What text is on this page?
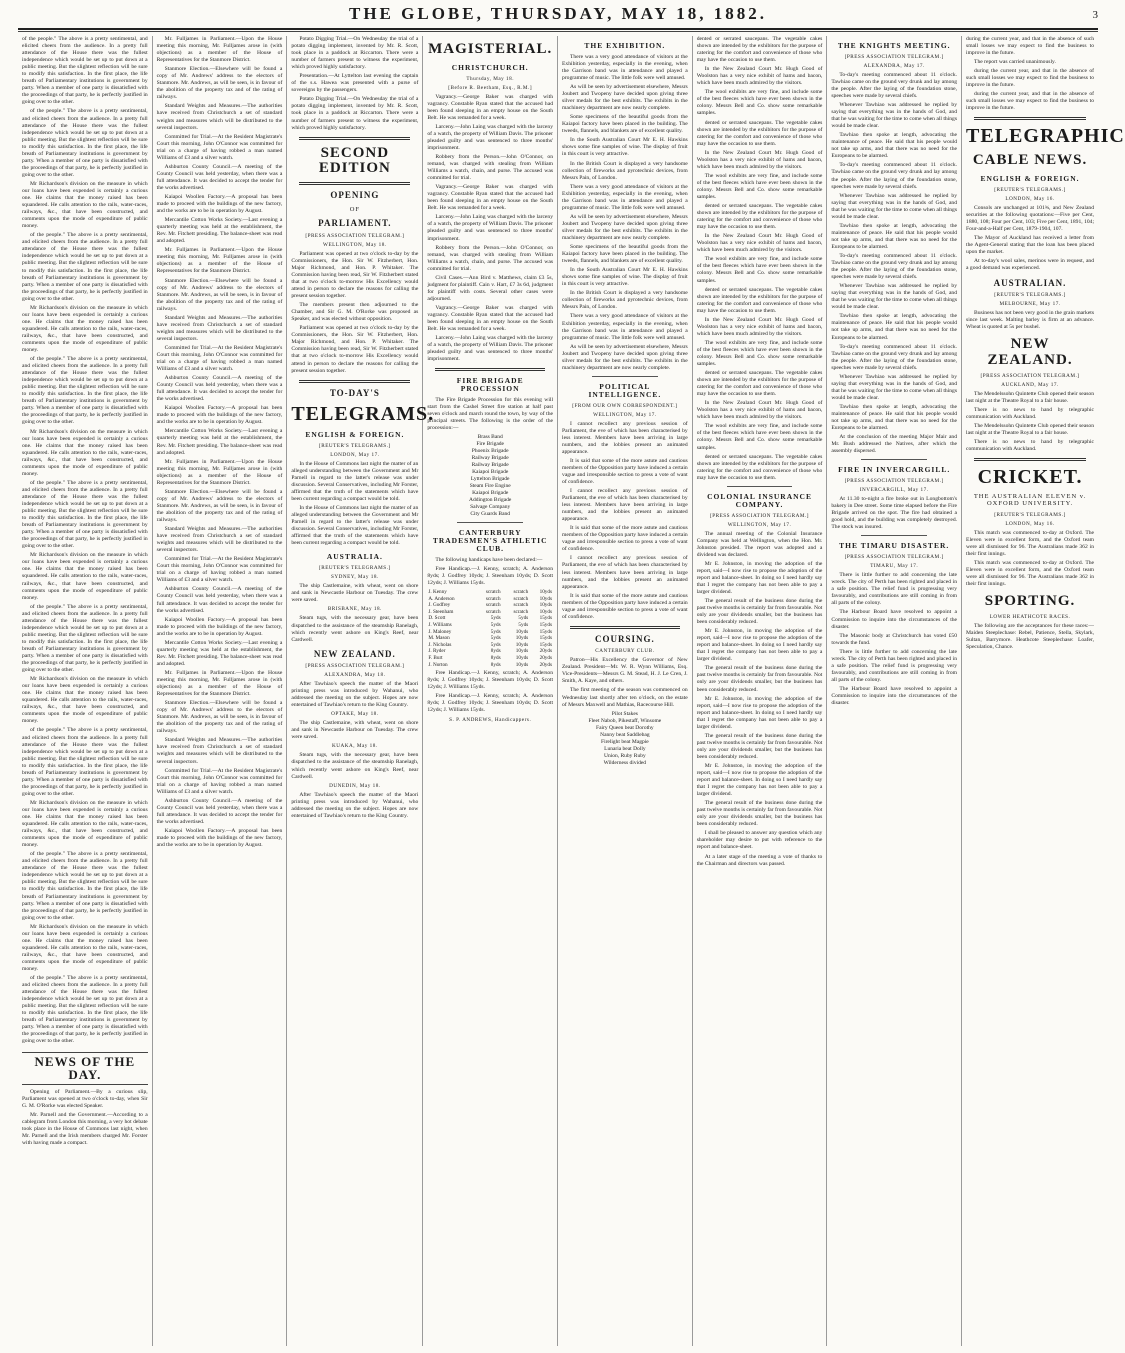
THE GLOBE, THURSDAY, MAY 18, 1882.	3

of the people." The above is a pretty sentimental, and elicited cheers from the audience. In a pretty full attendance of the House there was the fullest independence which would be set up to put down at a public meeting. But the slightest reflection will be sure to modify this satisfaction. In the first place, the life breath of Parliamentary institutions is government by party. When a member of one party is dissatisfied with the proceedings of that party, he is perfectly justified in going over to the other.

of the people." The above is a pretty sentimental, and elicited cheers from the audience. In a pretty full attendance of the House there was the fullest independence which would be set up to put down at a public meeting. But the slightest reflection will be sure to modify this satisfaction. In the first place, the life breath of Parliamentary institutions is government by party. When a member of one party is dissatisfied with the proceedings of that party, he is perfectly justified in going over to the other.

Mr Richardson's division on the measure in which our loans have been expended is certainly a curious one. He claims that the money raised has been squandered. He calls attention to the rails, water-races, railways, &c., that have been constructed, and comments upon the mode of expenditure of public money.

of the people." The above is a pretty sentimental, and elicited cheers from the audience. In a pretty full attendance of the House there was the fullest independence which would be set up to put down at a public meeting. But the slightest reflection will be sure to modify this satisfaction. In the first place, the life breath of Parliamentary institutions is government by party. When a member of one party is dissatisfied with the proceedings of that party, he is perfectly justified in going over to the other.

Mr Richardson's division on the measure in which our loans have been expended is certainly a curious one. He claims that the money raised has been squandered. He calls attention to the rails, water-races, railways, &c., that have been constructed, and comments upon the mode of expenditure of public money.

of the people." The above is a pretty sentimental, and elicited cheers from the audience. In a pretty full attendance of the House there was the fullest independence which would be set up to put down at a public meeting. But the slightest reflection will be sure to modify this satisfaction. In the first place, the life breath of Parliamentary institutions is government by party. When a member of one party is dissatisfied with the proceedings of that party, he is perfectly justified in going over to the other.

Mr Richardson's division on the measure in which our loans have been expended is certainly a curious one. He claims that the money raised has been squandered. He calls attention to the rails, water-races, railways, &c., that have been constructed, and comments upon the mode of expenditure of public money.

of the people." The above is a pretty sentimental, and elicited cheers from the audience. In a pretty full attendance of the House there was the fullest independence which would be set up to put down at a public meeting. But the slightest reflection will be sure to modify this satisfaction. In the first place, the life breath of Parliamentary institutions is government by party. When a member of one party is dissatisfied with the proceedings of that party, he is perfectly justified in going over to the other.

Mr Richardson's division on the measure in which our loans have been expended is certainly a curious one. He claims that the money raised has been squandered. He calls attention to the rails, water-races, railways, &c., that have been constructed, and comments upon the mode of expenditure of public money.

of the people." The above is a pretty sentimental, and elicited cheers from the audience. In a pretty full attendance of the House there was the fullest independence which would be set up to put down at a public meeting. But the slightest reflection will be sure to modify this satisfaction. In the first place, the life breath of Parliamentary institutions is government by party. When a member of one party is dissatisfied with the proceedings of that party, he is perfectly justified in going over to the other.

Mr Richardson's division on the measure in which our loans have been expended is certainly a curious one. He claims that the money raised has been squandered. He calls attention to the rails, water-races, railways, &c., that have been constructed, and comments upon the mode of expenditure of public money.

of the people." The above is a pretty sentimental, and elicited cheers from the audience. In a pretty full attendance of the House there was the fullest independence which would be set up to put down at a public meeting. But the slightest reflection will be sure to modify this satisfaction. In the first place, the life breath of Parliamentary institutions is government by party. When a member of one party is dissatisfied with the proceedings of that party, he is perfectly justified in going over to the other.

Mr Richardson's division on the measure in which our loans have been expended is certainly a curious one. He claims that the money raised has been squandered. He calls attention to the rails, water-races, railways, &c., that have been constructed, and comments upon the mode of expenditure of public money.

of the people." The above is a pretty sentimental, and elicited cheers from the audience. In a pretty full attendance of the House there was the fullest independence which would be set up to put down at a public meeting. But the slightest reflection will be sure to modify this satisfaction. In the first place, the life breath of Parliamentary institutions is government by party. When a member of one party is dissatisfied with the proceedings of that party, he is perfectly justified in going over to the other.

Mr Richardson's division on the measure in which our loans have been expended is certainly a curious one. He claims that the money raised has been squandered. He calls attention to the rails, water-races, railways, &c., that have been constructed, and comments upon the mode of expenditure of public money.

of the people." The above is a pretty sentimental, and elicited cheers from the audience. In a pretty full attendance of the House there was the fullest independence which would be set up to put down at a public meeting. But the slightest reflection will be sure to modify this satisfaction. In the first place, the life breath of Parliamentary institutions is government by party. When a member of one party is dissatisfied with the proceedings of that party, he is perfectly justified in going over to the other.

NEWS OF THE DAY.

Opening of Parliament.—By a curious slip, Parliament was opened at two o'clock to-day, when Sir G. M. O'Rorke was elected Speaker.

Mr. Parnell and the Government.—According to a cablegram from London this morning, a very hot debate took place in the House of Commons last night, when Mr. Parnell and the Irish members charged Mr. Forster with having made a compact.

Mr. Fulljames in Parliament.—Upon the House meeting this morning, Mr. Fulljames arose in (with objections) as a member of the House of Representatives for the Stanmore District.

Stanmore Election.—Elsewhere will be found a copy of Mr. Andrews' address to the electors of Stanmore. Mr. Andrews, as will be seen, is in favour of the abolition of the property tax and of the rating of railways.

Standard Weights and Measures.—The authorities have received from Christchurch a set of standard weights and measures which will be distributed to the several inspectors.

Committed for Trial.—At the Resident Magistrate's Court this morning, John O'Connor was committed for trial on a charge of having robbed a man named Williams of £3 and a silver watch.

Ashburton County Council.—A meeting of the County Council was held yesterday, when there was a full attendance. It was decided to accept the tender for the works advertised.

Kaiapoi Woollen Factory.—A proposal has been made to proceed with the buildings of the new factory, and the works are to be in operation by August.

Mercantile Cotton Works Society.—Last evening a quarterly meeting was held at the establishment, the Rev. Mr. Fitchett presiding. The balance-sheet was read and adopted.

Mr. Fulljames in Parliament.—Upon the House meeting this morning, Mr. Fulljames arose in (with objections) as a member of the House of Representatives for the Stanmore District.

Stanmore Election.—Elsewhere will be found a copy of Mr. Andrews' address to the electors of Stanmore. Mr. Andrews, as will be seen, is in favour of the abolition of the property tax and of the rating of railways.

Standard Weights and Measures.—The authorities have received from Christchurch a set of standard weights and measures which will be distributed to the several inspectors.

Committed for Trial.—At the Resident Magistrate's Court this morning, John O'Connor was committed for trial on a charge of having robbed a man named Williams of £3 and a silver watch.

Ashburton County Council.—A meeting of the County Council was held yesterday, when there was a full attendance. It was decided to accept the tender for the works advertised.

Kaiapoi Woollen Factory.—A proposal has been made to proceed with the buildings of the new factory, and the works are to be in operation by August.

Mercantile Cotton Works Society.—Last evening a quarterly meeting was held at the establishment, the Rev. Mr. Fitchett presiding. The balance-sheet was read and adopted.

Mr. Fulljames in Parliament.—Upon the House meeting this morning, Mr. Fulljames arose in (with objections) as a member of the House of Representatives for the Stanmore District.

Stanmore Election.—Elsewhere will be found a copy of Mr. Andrews' address to the electors of Stanmore. Mr. Andrews, as will be seen, is in favour of the abolition of the property tax and of the rating of railways.

Standard Weights and Measures.—The authorities have received from Christchurch a set of standard weights and measures which will be distributed to the several inspectors.

Committed for Trial.—At the Resident Magistrate's Court this morning, John O'Connor was committed for trial on a charge of having robbed a man named Williams of £3 and a silver watch.

Ashburton County Council.—A meeting of the County Council was held yesterday, when there was a full attendance. It was decided to accept the tender for the works advertised.

Kaiapoi Woollen Factory.—A proposal has been made to proceed with the buildings of the new factory, and the works are to be in operation by August.

Mercantile Cotton Works Society.—Last evening a quarterly meeting was held at the establishment, the Rev. Mr. Fitchett presiding. The balance-sheet was read and adopted.

Mr. Fulljames in Parliament.—Upon the House meeting this morning, Mr. Fulljames arose in (with objections) as a member of the House of Representatives for the Stanmore District.

Stanmore Election.—Elsewhere will be found a copy of Mr. Andrews' address to the electors of Stanmore. Mr. Andrews, as will be seen, is in favour of the abolition of the property tax and of the rating of railways.

Standard Weights and Measures.—The authorities have received from Christchurch a set of standard weights and measures which will be distributed to the several inspectors.

Committed for Trial.—At the Resident Magistrate's Court this morning, John O'Connor was committed for trial on a charge of having robbed a man named Williams of £3 and a silver watch.

Ashburton County Council.—A meeting of the County Council was held yesterday, when there was a full attendance. It was decided to accept the tender for the works advertised.

Kaiapoi Woollen Factory.—A proposal has been made to proceed with the buildings of the new factory, and the works are to be in operation by August.

Potato Digging Trial.—On Wednesday the trial of a potato digging implement, invented by Mr. R. Scott, took place in a paddock at Riccarton. There were a number of farmers present to witness the experiment, which proved highly satisfactory.

Presentation.—At Lyttelton last evening the captain of the s.s. Hawea was presented with a purse of sovereigns by the passengers.

Potato Digging Trial.—On Wednesday the trial of a potato digging implement, invented by Mr. R. Scott, took place in a paddock at Riccarton. There were a number of farmers present to witness the experiment, which proved highly satisfactory.

SECOND EDITION
OPENING
OF
PARLIAMENT.
[PRESS ASSOCIATION TELEGRAM.]
WELLINGTON, May 18.

Parliament was opened at two o'clock to-day by the Commissioners, the Hon. Sir W. Fitzherbert, Hon. Major Richmond, and Hon. P. Whitaker. The Commission having been read, Sir W. Fitzherbert stated that at two o'clock to-morrow His Excellency would attend in person to declare the reasons for calling the present session together.

The members present then adjourned to the Chamber, and Sir G. M. O'Rorke was proposed as Speaker, and was elected without opposition.

Parliament was opened at two o'clock to-day by the Commissioners, the Hon. Sir W. Fitzherbert, Hon. Major Richmond, and Hon. P. Whitaker. The Commission having been read, Sir W. Fitzherbert stated that at two o'clock to-morrow His Excellency would attend in person to declare the reasons for calling the present session together.

TO-DAY'S
TELEGRAMS.
ENGLISH & FOREIGN.
[REUTER'S TELEGRAMS.]
LONDON, May 17.

In the House of Commons last night the matter of an alleged understanding between the Government and Mr Parnell in regard to the latter's release was under discussion. Several Conservatives, including Mr Forster, affirmed that the truth of the statements which have been current regarding a compact would be told.

In the House of Commons last night the matter of an alleged understanding between the Government and Mr Parnell in regard to the latter's release was under discussion. Several Conservatives, including Mr Forster, affirmed that the truth of the statements which have been current regarding a compact would be told.

AUSTRALIA.
[REUTER'S TELEGRAMS.]
SYDNEY, May 18.

The ship Castlemaine, with wheat, went on shore and sank in Newcastle Harbour on Tuesday. The crew were saved.

BRISBANE, May 18.

Steam tugs, with the necessary gear, have been dispatched to the assistance of the steamship Ranelagh, which recently went ashore on King's Reef, near Cardwell.

NEW ZEALAND.
[PRESS ASSOCIATION TELEGRAM.]
ALEXANDRA, May 18.

After Tawhiao's speech the matter of the Maori printing press was introduced by Wahanui, who addressed the meeting on the subject. Hopes are now entertained of Tawhiao's return to the King Country.

OPTAKE, May 18.

The ship Castlemaine, with wheat, went on shore and sank in Newcastle Harbour on Tuesday. The crew were saved.

KUAKA, May 18.

Steam tugs, with the necessary gear, have been dispatched to the assistance of the steamship Ranelagh, which recently went ashore on King's Reef, near Cardwell.

DUNEDIN, May 18.

After Tawhiao's speech the matter of the Maori printing press was introduced by Wahanui, who addressed the meeting on the subject. Hopes are now entertained of Tawhiao's return to the King Country.

MAGISTERIAL.
CHRISTCHURCH.
Thursday, May 18.
[Before R. Beetham, Esq., R.M.]

Vagrancy.—George Baker was charged with vagrancy. Constable Ryan stated that the accused had been found sleeping in an empty house on the South Belt. He was remanded for a week.

Larceny.—John Laing was charged with the larceny of a watch, the property of William Davis. The prisoner pleaded guilty and was sentenced to three months' imprisonment.

Robbery from the Person.—John O'Connor, on remand, was charged with stealing from William Williams a watch, chain, and purse. The accused was committed for trial.

Vagrancy.—George Baker was charged with vagrancy. Constable Ryan stated that the accused had been found sleeping in an empty house on the South Belt. He was remanded for a week.

Larceny.—John Laing was charged with the larceny of a watch, the property of William Davis. The prisoner pleaded guilty and was sentenced to three months' imprisonment.

Robbery from the Person.—John O'Connor, on remand, was charged with stealing from William Williams a watch, chain, and purse. The accused was committed for trial.

Civil Cases.—Ann Bird v. Matthews, claim £3 5s, judgment for plaintiff. Cain v. Hart, £7 3s 6d, judgment for plaintiff with costs. Several other cases were adjourned.

Vagrancy.—George Baker was charged with vagrancy. Constable Ryan stated that the accused had been found sleeping in an empty house on the South Belt. He was remanded for a week.

Larceny.—John Laing was charged with the larceny of a watch, the property of William Davis. The prisoner pleaded guilty and was sentenced to three months' imprisonment.

FIRE BRIGADE PROCESSION

The Fire Brigade Procession for this evening will start from the Cashel Street fire station at half past seven o'clock and march round the town, by way of the principal streets. The following is the order of the procession:—

Brass Band
Fire Brigade
Phoenix Brigade
Railway Brigade
Railway Brigade
Kaiapoi Brigade
Lyttelton Brigade
Steam Fire Engine
Kaiapoi Brigade
Addington Brigade
Salvage Company
City Guards Band
CANTERBURY TRADESMEN'S ATHLETIC CLUB.

The following handicaps have been declared:—

Free Handicap.—J. Kenny, scratch; A. Anderson 8yds; J. Godfrey 10yds; J. Steenham 10yds; D. Scott 12yds; J. Williams 15yds.

J. Kenny	scratch	scratch	10yds
A. Anderson	scratch	scratch	10yds
J. Godfrey	scratch	scratch	10yds
J. Steenham	scratch	scratch	10yds
D. Scott	5yds	5yds	15yds
J. Williams	5yds	5yds	15yds
J. Maloney	5yds	10yds	15yds
M. Mason	5yds	10yds	15yds
J. Nicholas	5yds	10yds	15yds
J. Ryder	8yds	10yds	20yds
F. Burt	8yds	10yds	20yds
J. Norton	8yds	10yds	20yds

Free Handicap.—J. Kenny, scratch; A. Anderson 8yds; J. Godfrey 10yds; J. Steenham 10yds; D. Scott 12yds; J. Williams 15yds.

Free Handicap.—J. Kenny, scratch; A. Anderson 8yds; J. Godfrey 10yds; J. Steenham 10yds; D. Scott 12yds; J. Williams 15yds.

S. P. ANDREWS, Handicappers.
THE EXHIBITION.

There was a very good attendance of visitors at the Exhibition yesterday, especially in the evening, when the Garrison band was in attendance and played a programme of music. The little folk were well amused.

As will be seen by advertisement elsewhere, Messrs Joubert and Twopeny have decided upon giving three silver medals for the best exhibits. The exhibits in the machinery department are now nearly complete.

Some specimens of the beautiful goods from the Kaiapoi factory have been placed in the building. The tweeds, flannels, and blankets are of excellent quality.

In the South Australian Court Mr E. H. Hawkins shows some fine samples of wine. The display of fruit in this court is very attractive.

In the British Court is displayed a very handsome collection of fireworks and pyrotechnic devices, from Messrs Pain, of London.

There was a very good attendance of visitors at the Exhibition yesterday, especially in the evening, when the Garrison band was in attendance and played a programme of music. The little folk were well amused.

As will be seen by advertisement elsewhere, Messrs Joubert and Twopeny have decided upon giving three silver medals for the best exhibits. The exhibits in the machinery department are now nearly complete.

Some specimens of the beautiful goods from the Kaiapoi factory have been placed in the building. The tweeds, flannels, and blankets are of excellent quality.

In the South Australian Court Mr E. H. Hawkins shows some fine samples of wine. The display of fruit in this court is very attractive.

In the British Court is displayed a very handsome collection of fireworks and pyrotechnic devices, from Messrs Pain, of London.

There was a very good attendance of visitors at the Exhibition yesterday, especially in the evening, when the Garrison band was in attendance and played a programme of music. The little folk were well amused.

As will be seen by advertisement elsewhere, Messrs Joubert and Twopeny have decided upon giving three silver medals for the best exhibits. The exhibits in the machinery department are now nearly complete.

POLITICAL INTELLIGENCE.
[FROM OUR OWN CORRESPONDENT.]
WELLINGTON, May 17.

I cannot recollect any previous session of Parliament, the eve of which has been characterised by less interest. Members have been arriving in large numbers, and the lobbies present an animated appearance.

It is said that some of the more astute and cautious members of the Opposition party have induced a certain vague and irresponsible section to press a vote of want of confidence.

I cannot recollect any previous session of Parliament, the eve of which has been characterised by less interest. Members have been arriving in large numbers, and the lobbies present an animated appearance.

It is said that some of the more astute and cautious members of the Opposition party have induced a certain vague and irresponsible section to press a vote of want of confidence.

I cannot recollect any previous session of Parliament, the eve of which has been characterised by less interest. Members have been arriving in large numbers, and the lobbies present an animated appearance.

It is said that some of the more astute and cautious members of the Opposition party have induced a certain vague and irresponsible section to press a vote of want of confidence.

COURSING.
CANTERBURY CLUB.

Patron—His Excellency the Governor of New Zealand. President—Mr. W. R. Wynn Williams, Esq. Vice-Presidents—Messrs G. M. Stead, H. J. Le Cren, J. Smith, A. Kaye, and others.

The first meeting of the season was commenced on Wednesday last shortly after ten o'clock, on the estate of Messrs Maxwell and Mathias, Racecourse Hill.

Pilot Stakes
Fleet Nabob, Pikestaff, Winsome
Fairy Queen beat Dorothy
Nanny beat Saddlebag
Firelight beat Magpie
Lunaria beat Dolly
Union, Ruby Ruby
Wilderness divided

dented or serrated saucepans. The vegetable cakes shown are intended by the exhibitors for the purpose of catering for the comfort and convenience of those who may have the occasion to use them.

In the New Zealand Court Mr. Hugh Good of Woolston has a very nice exhibit of hams and bacon, which have been much admired by the visitors.

The wool exhibits are very fine, and include some of the best fleeces which have ever been shown in the colony. Messrs Bell and Co. show some remarkable samples.

dented or serrated saucepans. The vegetable cakes shown are intended by the exhibitors for the purpose of catering for the comfort and convenience of those who may have the occasion to use them.

In the New Zealand Court Mr. Hugh Good of Woolston has a very nice exhibit of hams and bacon, which have been much admired by the visitors.

The wool exhibits are very fine, and include some of the best fleeces which have ever been shown in the colony. Messrs Bell and Co. show some remarkable samples.

dented or serrated saucepans. The vegetable cakes shown are intended by the exhibitors for the purpose of catering for the comfort and convenience of those who may have the occasion to use them.

In the New Zealand Court Mr. Hugh Good of Woolston has a very nice exhibit of hams and bacon, which have been much admired by the visitors.

The wool exhibits are very fine, and include some of the best fleeces which have ever been shown in the colony. Messrs Bell and Co. show some remarkable samples.

dented or serrated saucepans. The vegetable cakes shown are intended by the exhibitors for the purpose of catering for the comfort and convenience of those who may have the occasion to use them.

In the New Zealand Court Mr. Hugh Good of Woolston has a very nice exhibit of hams and bacon, which have been much admired by the visitors.

The wool exhibits are very fine, and include some of the best fleeces which have ever been shown in the colony. Messrs Bell and Co. show some remarkable samples.

dented or serrated saucepans. The vegetable cakes shown are intended by the exhibitors for the purpose of catering for the comfort and convenience of those who may have the occasion to use them.

In the New Zealand Court Mr. Hugh Good of Woolston has a very nice exhibit of hams and bacon, which have been much admired by the visitors.

The wool exhibits are very fine, and include some of the best fleeces which have ever been shown in the colony. Messrs Bell and Co. show some remarkable samples.

dented or serrated saucepans. The vegetable cakes shown are intended by the exhibitors for the purpose of catering for the comfort and convenience of those who may have the occasion to use them.

COLONIAL INSURANCE COMPANY.
[PRESS ASSOCIATION TELEGRAM.]
WELLINGTON, May 17.

The annual meeting of the Colonial Insurance Company was held at Wellington, when the Hon. Mr. Johnston presided. The report was adopted and a dividend was declared.

Mr E. Johnston, in moving the adoption of the report, said—I now rise to propose the adoption of the report and balance-sheet. In doing so I need hardly say that I regret the company has not been able to pay a larger dividend.

The general result of the business done during the past twelve months is certainly far from favourable. Not only are your dividends smaller, but the business has been considerably reduced.

Mr E. Johnston, in moving the adoption of the report, said—I now rise to propose the adoption of the report and balance-sheet. In doing so I need hardly say that I regret the company has not been able to pay a larger dividend.

The general result of the business done during the past twelve months is certainly far from favourable. Not only are your dividends smaller, but the business has been considerably reduced.

Mr E. Johnston, in moving the adoption of the report, said—I now rise to propose the adoption of the report and balance-sheet. In doing so I need hardly say that I regret the company has not been able to pay a larger dividend.

The general result of the business done during the past twelve months is certainly far from favourable. Not only are your dividends smaller, but the business has been considerably reduced.

Mr E. Johnston, in moving the adoption of the report, said—I now rise to propose the adoption of the report and balance-sheet. In doing so I need hardly say that I regret the company has not been able to pay a larger dividend.

The general result of the business done during the past twelve months is certainly far from favourable. Not only are your dividends smaller, but the business has been considerably reduced.

I shall be pleased to answer any question which any shareholder may desire to put with reference to the report and balance-sheet.

At a later stage of the meeting a vote of thanks to the Chairman and directors was passed.

THE KNIGHTS MEETING.
[PRESS ASSOCIATION TELEGRAM.]
ALEXANDRA, May 17.

To-day's meeting commenced about 11 o'clock. Tawhiao came on the ground very drunk and lay among the people. After the laying of the foundation stone, speeches were made by several chiefs.

Whenever Tawhiao was addressed he replied by saying that everything was in the hands of God, and that he was waiting for the time to come when all things would be made clear.

Tawhiao then spoke at length, advocating the maintenance of peace. He said that his people would not take up arms, and that there was no need for the Europeans to be alarmed.

To-day's meeting commenced about 11 o'clock. Tawhiao came on the ground very drunk and lay among the people. After the laying of the foundation stone, speeches were made by several chiefs.

Whenever Tawhiao was addressed he replied by saying that everything was in the hands of God, and that he was waiting for the time to come when all things would be made clear.

Tawhiao then spoke at length, advocating the maintenance of peace. He said that his people would not take up arms, and that there was no need for the Europeans to be alarmed.

To-day's meeting commenced about 11 o'clock. Tawhiao came on the ground very drunk and lay among the people. After the laying of the foundation stone, speeches were made by several chiefs.

Whenever Tawhiao was addressed he replied by saying that everything was in the hands of God, and that he was waiting for the time to come when all things would be made clear.

Tawhiao then spoke at length, advocating the maintenance of peace. He said that his people would not take up arms, and that there was no need for the Europeans to be alarmed.

To-day's meeting commenced about 11 o'clock. Tawhiao came on the ground very drunk and lay among the people. After the laying of the foundation stone, speeches were made by several chiefs.

Whenever Tawhiao was addressed he replied by saying that everything was in the hands of God, and that he was waiting for the time to come when all things would be made clear.

Tawhiao then spoke at length, advocating the maintenance of peace. He said that his people would not take up arms, and that there was no need for the Europeans to be alarmed.

At the conclusion of the meeting Major Mair and Mr. Bush addressed the Natives, after which the assembly dispersed.

FIRE IN INVERCARGILL.
[PRESS ASSOCIATION TELEGRAM.]
INVERCARGILL, May 17.

At 11.30 to-night a fire broke out in Longbottom's bakery in Dee street. Some time elapsed before the Fire Brigade arrived on the spot. The fire had obtained a good hold, and the building was completely destroyed. The stock was insured.

THE TIMARU DISASTER.
[PRESS ASSOCIATION TELEGRAM.]
TIMARU, May 17.

There is little further to add concerning the late wreck. The city of Perth has been righted and placed in a safe position. The relief fund is progressing very favourably, and contributions are still coming in from all parts of the colony.

The Harbour Board have resolved to appoint a Commission to inquire into the circumstances of the disaster.

The Masonic body at Christchurch has voted £50 towards the fund.

There is little further to add concerning the late wreck. The city of Perth has been righted and placed in a safe position. The relief fund is progressing very favourably, and contributions are still coming in from all parts of the colony.

The Harbour Board have resolved to appoint a Commission to inquire into the circumstances of the disaster.

during the current year, and that in the absence of such small losses we may expect to find the business to improve in the future.

The report was carried unanimously.

during the current year, and that in the absence of such small losses we may expect to find the business to improve in the future.

during the current year, and that in the absence of such small losses we may expect to find the business to improve in the future.

TELEGRAPHIC
CABLE NEWS.
ENGLISH & FOREIGN.
[REUTER'S TELEGRAMS.]
LONDON, May 16.

Consols are unchanged at 101¾, and New Zealand securities at the following quotations:—Five per Cent, 1880, 108; Four per Cent, 103; Five per Cent, 1891, 104; Four-and-a-Half per Cent, 1879-1904, 107.

The Mayor of Auckland has received a letter from the Agent-General stating that the loan has been placed upon the market.

At to-day's wool sales, merinos were in request, and a good demand was experienced.

AUSTRALIAN.
[REUTER'S TELEGRAMS.]
MELBOURNE, May 17.

Business has not been very good in the grain markets since last week. Malting barley is firm at an advance. Wheat is quoted at 5s per bushel.

NEW ZEALAND.
[PRESS ASSOCIATION TELEGRAM.]
AUCKLAND, May 17.

The Mendelssohn Quintette Club opened their season last night at the Theatre Royal to a fair house.

There is no news to hand by telegraphic communication with Auckland.

The Mendelssohn Quintette Club opened their season last night at the Theatre Royal to a fair house.

There is no news to hand by telegraphic communication with Auckland.

CRICKET.
THE AUSTRALIAN ELEVEN v. OXFORD UNIVERSITY.
[REUTER'S TELEGRAMS.]
LONDON, May 16.

This match was commenced to-day at Oxford. The Eleven were in excellent form, and the Oxford team were all dismissed for 96. The Australians made 362 in their first innings.

This match was commenced to-day at Oxford. The Eleven were in excellent form, and the Oxford team were all dismissed for 96. The Australians made 362 in their first innings.

SPORTING.
LOWER HEATHCOTE RACES.

The following are the acceptances for these races:—Maiden Steeplechase: Rebel, Patience, Stella, Skylark, Sultan, Barrymore. Heathcote Steeplechase: Loafer, Speculation, Chance.
